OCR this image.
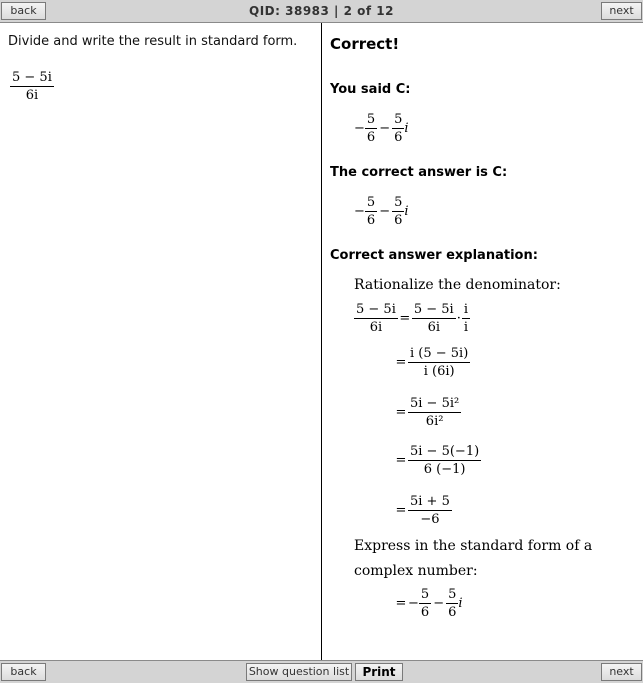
back	QID: 38983 | 2 of 12	next
Divide and write the result in standard form.
$\frac{5 - 5i}{6i}$
Correct!
You said C:
− $\frac{5}{6} - \frac{5}{6}$ i
The correct answer is C:
− $\frac{5}{6} - \frac{5}{6}$ i
Correct answer explanation:
Rationalize the denominator:
$\frac{5 - 5i}{6i} = \frac{5 - 5i}{6i} \cdot \frac{i}{i}$
= $\frac{i (5 - 5i)}{i (6i)}$
= $\frac{\text{5i − 5i²}}{\text{6i²}}$
= $\frac{5i - 5(-1)}{6 (-1)}$
= $\frac{5i + 5}{-6}$
Express in the standard form of a
complex number:
= − $\frac{5}{6} - \frac{5}{6}$ i
back	Show question list	Print	next
